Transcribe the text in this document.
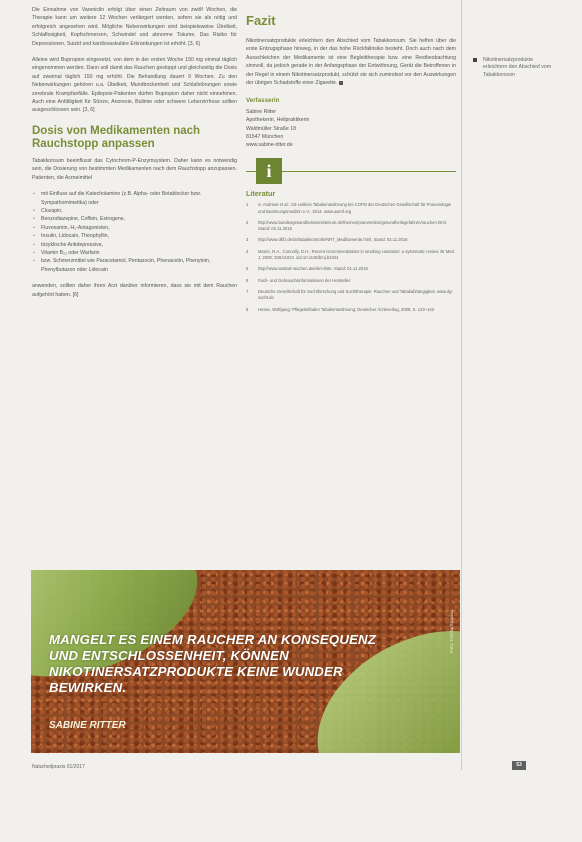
Die Einnahme von Vareniclin erfolgt über einen Zeitraum von zwölf Wochen, die Therapie kann um weitere 12 Wochen verlängert werden, sofern sie als nötig und erfolgreich angesehen wird. Mögliche Nebenwirkungen sind beispielsweise Übelkeit, Schlaflosigkeit, Kopfschmerzen, Schwindel und abnorme Träume. Das Risiko für Depressionen, Suizid und kardiovaskuläre Erkrankungen ist erhöht. [3, 6]

Alleine wird Bupropion eingesetzt, von dem in der ersten Woche 150 mg einmal täglich eingenommen werden. Dann soll damit das Rauchen gestoppt und gleichzeitig die Dosis auf zweimal täglich 150 mg erhöht. Die Behandlung dauert 9 Wochen. Zu den Nebenwirkungen gehören u.a. Übelkeit, Mundtrockenheit und Schlafstörungen sowie zerebrale Krampfanfälle. Epilepsie-Patienten dürfen Bupropion daher nicht einnehmen. Auch eine Anfälligkeit für Stürze, Anorexie, Bulimie oder schwere Leberzirrhose sollten ausgeschlossen sein. [3, 6]

Dosis von Medikamenten nach Rauchstopp anpassen

Tabakkonsum beeinflusst das Cytochrom-P-Enzymsystem. Daher kann es notwendig sein, die Dosierung von bestimmten Medikamenten nach dem Rauchstopp anzupassen. Patienten, die Arzneimittel

• mit Einfluss auf die Katecholamine (z.B. Alpha- oder Betablocker bzw. Sympathomimetika) oder
• Clozapin,
• Benzodiazepine, Coffein, Estrogene,
• Fluvoxamin, H₂-Antagonisten,
• Insulin, Lidocain, Theophyllin,
• trizyklische Antidepressiva,
• Vitamin B₁₂ oder Warfarin
• bzw. Schmerzmittel wie Paracetamol, Pentazocin, Phenacetin, Phenytoin, Phenylbutazon oder Lidocain

anwenden, sollten daher ihren Arzt darüber informieren, dass sie mit dem Rauchen aufgehört haben. [6]

Fazit

Nikotinersatzprodukte erleichtern den Abschied vom Tabakkonsum. Sie helfen über die erste Entzugsphase hinweg, in der das hohe Rückfallrisiko besteht. Doch auch nach dem Ausschleichen der Medikamente ist eine Begleittherapie bzw. eine Restbeobachtung sinnvoll, da jedoch gerade in der Anfangsphase der Entwöhnung, Gerät die Betroffenen in der Regel in einem Nikotinersatzprodukt, schützt sie sich zumindest vor den Auswirkungen der übrigen Schadstoffe einer Zigarette.

Verfasserin
Sabine Ritter
Apothekerin, Heilpraktikerin
Waldmüller Straße 18
81547 München
www.sabine-ritter.de
i
Literatur
1 S. Andreas et al.: S3-Leitlinie Tabakentwöhnung bei COPD der Deutschen Gesellschaft für Pneumologie und Beatmungsmedizin e.V., 2014. www.awmf.org
2 http://www.bundesgesundheitsministerium.de/themen/praevention/gesundheitsgefahren/rauchen.html, Stand: 02.11.2016
3 http://www.dkfz.de/de/tabakkontrolle/NRT_Medikamente.html, Stand: 02.11.2016
4 Moore, R.A., Connolly, D.H.: Recent recommendations in smoking cessation: a systematic review. Br Med J, 2009; 338:b1024. doi:10.1136/bmj.b1024
5 http://www.anstatt-rauchen.de/ebm-liste, Stand: 01.11.2016
6 Fach- und Gebrauchsinformationen der Hersteller
7 Deutsche Gesellschaft für Suchtforschung und Suchttherapie: Rauchen und Tabakabhängigkeit. www.dg-sucht.de
8 Hesse, Wolfgang: Pflegeleitfaden Tabakentwöhnung; Deutscher Ärzteverlag, 2008, S. 123–142
Nikotinersatzprodukte erleichtern den Abschied vom Tabakkonsum
MANGELT ES EINEM RAUCHER AN KONSEQUENZ UND ENTSCHLOSSENHEIT, KÖNNEN NIKOTINERSATZPRODUKTE KEINE WUNDER BEWIRKEN.
SABINE RITTER
Foto: Fotolia/Spaxiax
Naturheilpraxis 01/2017	53
